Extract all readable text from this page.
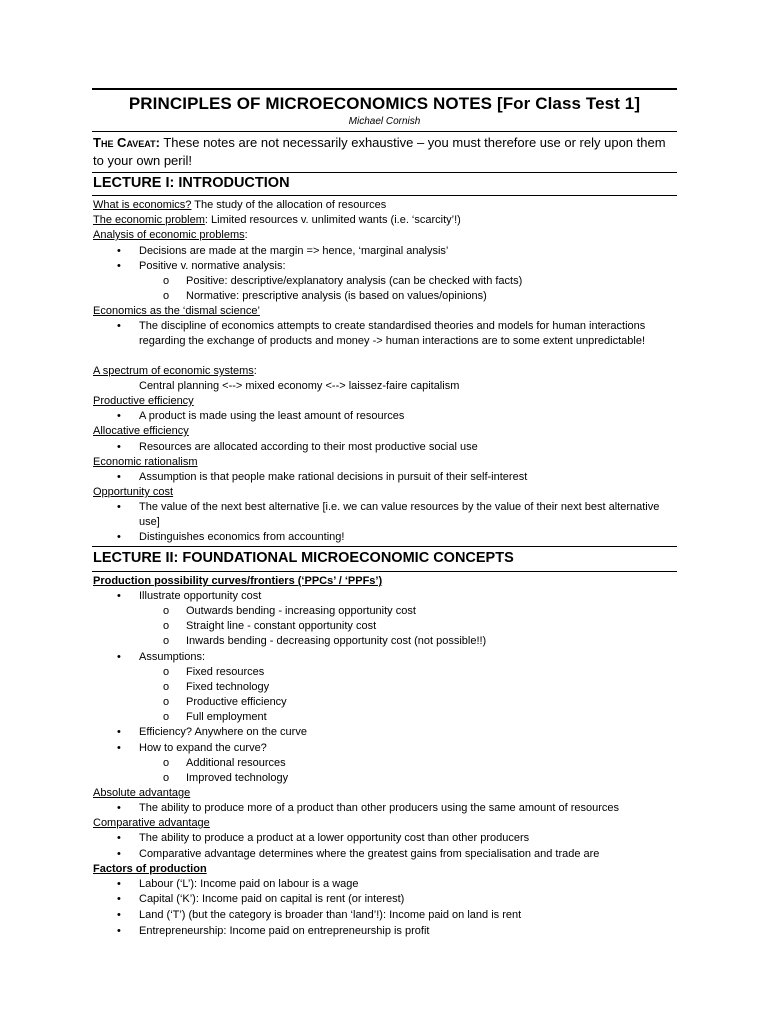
PRINCIPLES OF MICROECONOMICS NOTES [For Class Test 1]
Michael Cornish
The Caveat: These notes are not necessarily exhaustive – you must therefore use or rely upon them to your own peril!
LECTURE I: INTRODUCTION
What is economics? The study of the allocation of resources
The economic problem: Limited resources v. unlimited wants (i.e. ‘scarcity’!)
Analysis of economic problems:
• Decisions are made at the margin => hence, ‘marginal analysis’
• Positive v. normative analysis:
o Positive: descriptive/explanatory analysis (can be checked with facts)
o Normative: prescriptive analysis (is based on values/opinions)
Economics as the ‘dismal science’
• The discipline of economics attempts to create standardised theories and models for human interactions regarding the exchange of products and money -> human interactions are to some extent unpredictable!
A spectrum of economic systems:
Central planning <--> mixed economy <--> laissez-faire capitalism
Productive efficiency
• A product is made using the least amount of resources
Allocative efficiency
• Resources are allocated according to their most productive social use
Economic rationalism
• Assumption is that people make rational decisions in pursuit of their self-interest
Opportunity cost
• The value of the next best alternative [i.e. we can value resources by the value of their next best alternative use]
• Distinguishes economics from accounting!
LECTURE II: FOUNDATIONAL MICROECONOMIC CONCEPTS
Production possibility curves/frontiers (‘PPCs’ / ‘PPFs’)
• Illustrate opportunity cost
o Outwards bending - increasing opportunity cost
o Straight line - constant opportunity cost
o Inwards bending - decreasing opportunity cost (not possible!!)
• Assumptions:
o Fixed resources
o Fixed technology
o Productive efficiency
o Full employment
• Efficiency? Anywhere on the curve
• How to expand the curve?
o Additional resources
o Improved technology
Absolute advantage
• The ability to produce more of a product than other producers using the same amount of resources
Comparative advantage
• The ability to produce a product at a lower opportunity cost than other producers
• Comparative advantage determines where the greatest gains from specialisation and trade are
Factors of production
• Labour (‘L’): Income paid on labour is a wage
• Capital (‘K’): Income paid on capital is rent (or interest)
• Land (‘T’) (but the category is broader than ‘land’!): Income paid on land is rent
• Entrepreneurship: Income paid on entrepreneurship is profit
